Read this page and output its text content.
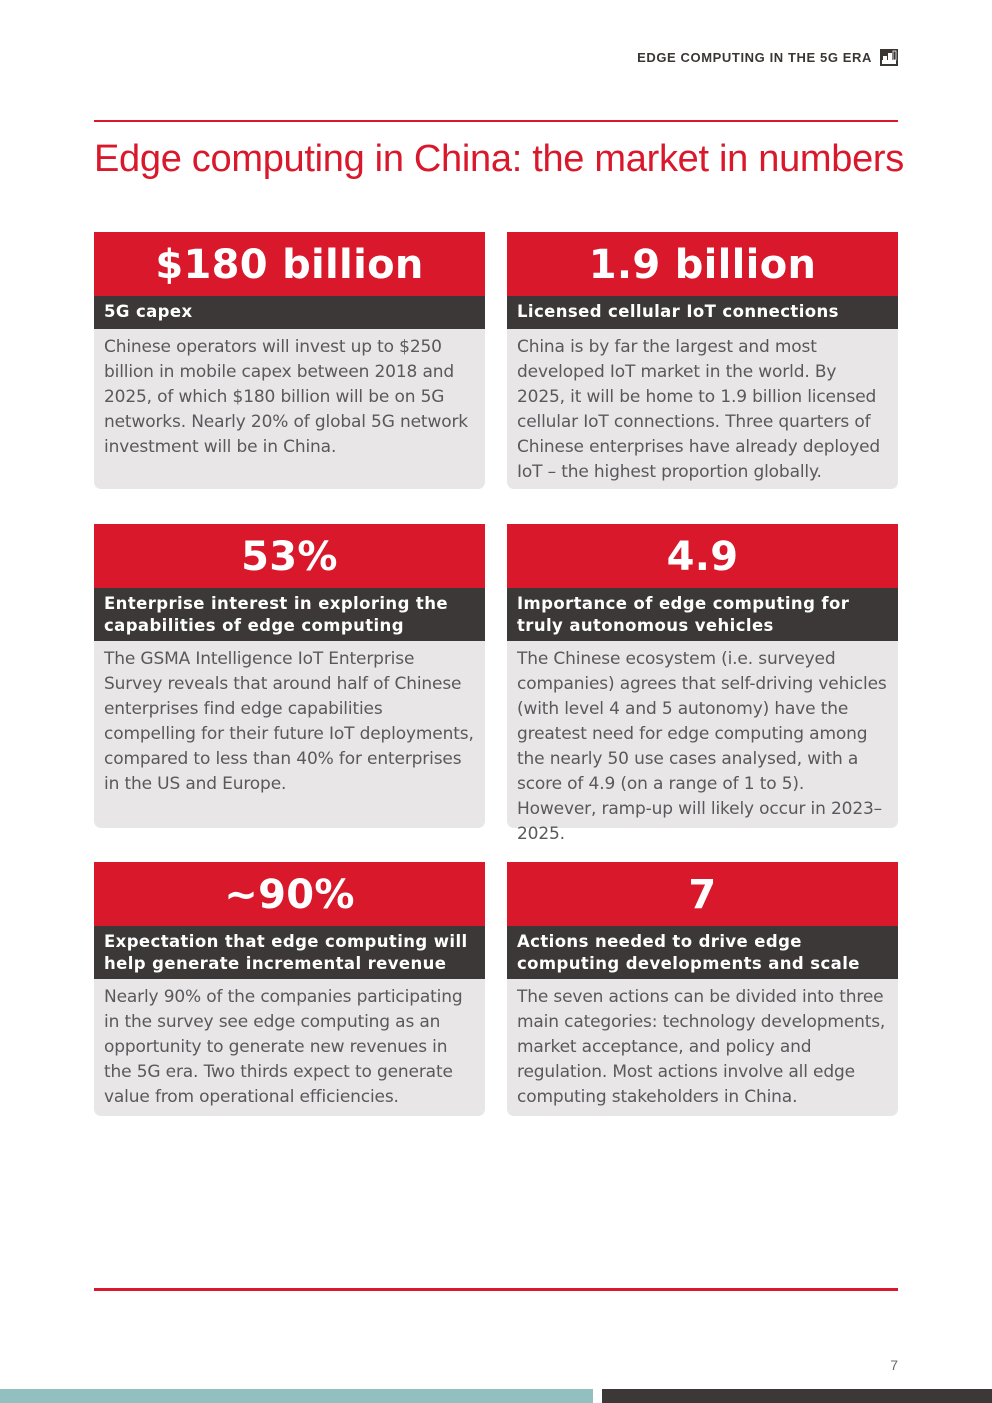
EDGE COMPUTING IN THE 5G ERA
Edge computing in China: the market in numbers
$180 billion
5G capex
Chinese operators will invest up to $250 billion in mobile capex between 2018 and 2025, of which $180 billion will be on 5G networks. Nearly 20% of global 5G network investment will be in China.
1.9 billion
Licensed cellular IoT connections
China is by far the largest and most developed IoT market in the world. By 2025, it will be home to 1.9 billion licensed cellular IoT connections. Three quarters of Chinese enterprises have already deployed IoT – the highest proportion globally.
53%
Enterprise interest in exploring the capabilities of edge computing
The GSMA Intelligence IoT Enterprise Survey reveals that around half of Chinese enterprises find edge capabilities compelling for their future IoT deployments, compared to less than 40% for enterprises in the US and Europe.
4.9
Importance of edge computing for truly autonomous vehicles
The Chinese ecosystem (i.e. surveyed companies) agrees that self-driving vehicles (with level 4 and 5 autonomy) have the greatest need for edge computing among the nearly 50 use cases analysed, with a score of 4.9 (on a range of 1 to 5). However, ramp-up will likely occur in 2023–2025.
~90%
Expectation that edge computing will help generate incremental revenue
Nearly 90% of the companies participating in the survey see edge computing as an opportunity to generate new revenues in the 5G era. Two thirds expect to generate value from operational efficiencies.
7
Actions needed to drive edge computing developments and scale
The seven actions can be divided into three main categories: technology developments, market acceptance, and policy and regulation. Most actions involve all edge computing stakeholders in China.
7
